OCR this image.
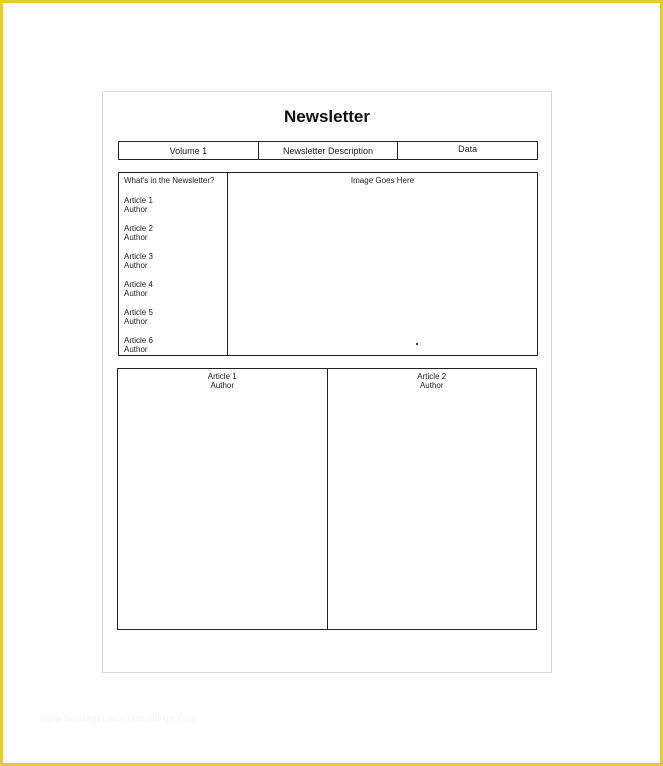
Newsletter
Volume 1	Newsletter Description	Data
What's in the Newsletter?
Article 1
Author
Article 2
Author
Article 3
Author
Article 4
Author
Article 5
Author
Article 6
Author
Image Goes Here
Article 1
Author
Article 2
Author
www.heritagechristiancollege.com
